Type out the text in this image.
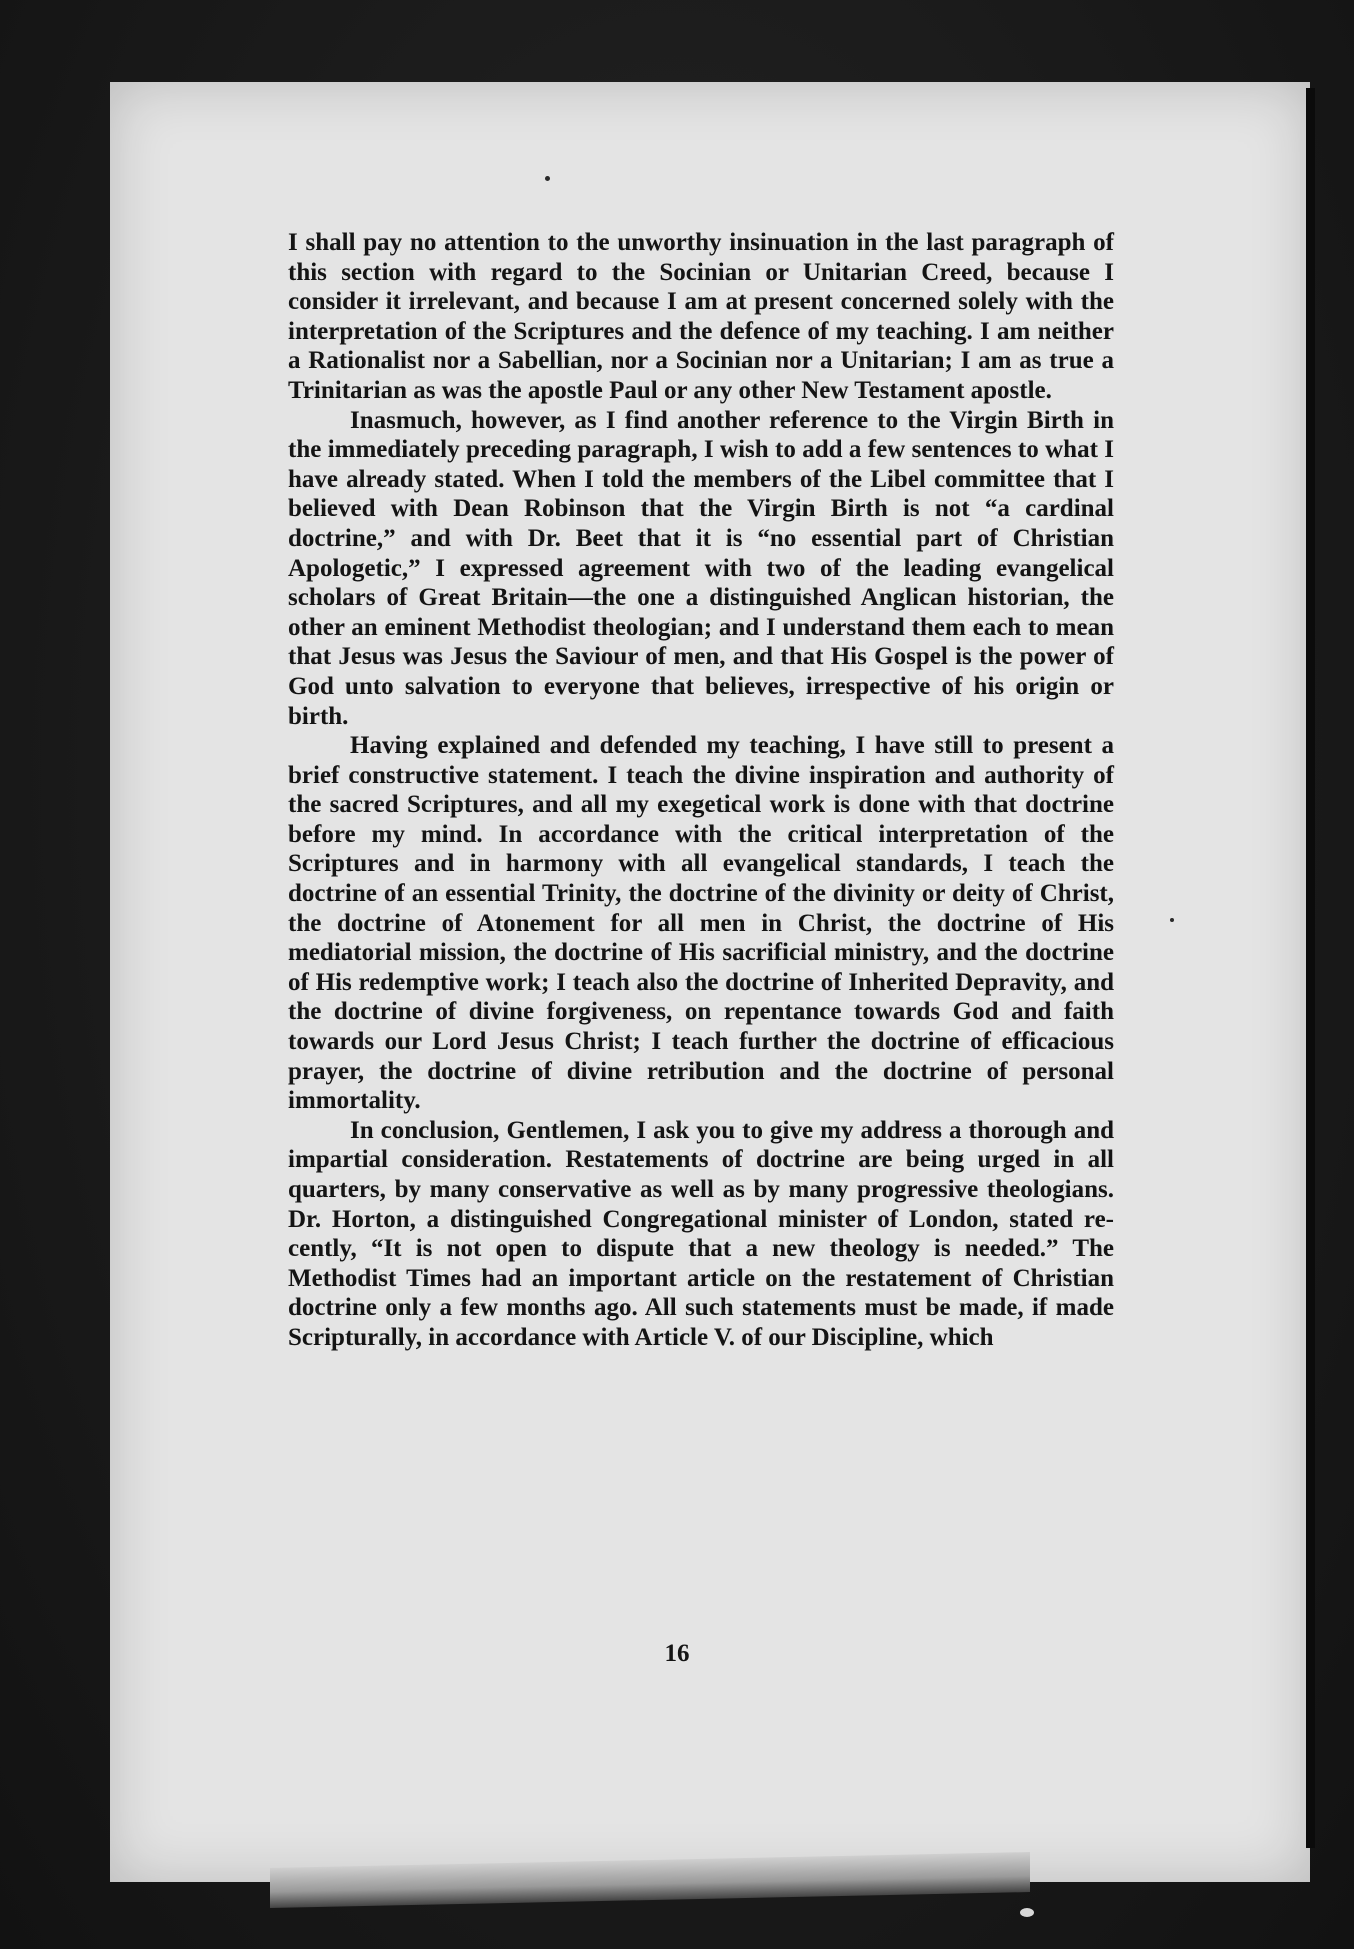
I shall pay no attention to the unworthy insinuation in the last paragraph of this section with regard to the Socinian or Unitarian Creed, because I consider it irrelevant, and because I am at present concerned solely with the interpretation of the Scriptures and the defence of my teaching. I am neither a Rationalist nor a Sabellian, nor a Socinian nor a Unitarian; I am as true a Trinitarian as was the apostle Paul or any other New Testament apostle.

Inasmuch, however, as I find another reference to the Virgin Birth in the immediately preceding paragraph, I wish to add a few sentences to what I have already stated. When I told the members of the Libel committee that I believed with Dean Robinson that the Virgin Birth is not “a cardinal doctrine,” and with Dr. Beet that it is “no essential part of Christian Apologetic,” I expressed agreement with two of the leading evangelical scholars of Great Britain—the one a distinguished Anglican historian, the other an eminent Methodist theologian; and I understand them each to mean that Jesus was Jesus the Saviour of men, and that His Gospel is the power of God unto salvation to everyone that believes, irrespective of his origin or birth.

Having explained and defended my teaching, I have still to present a brief constructive statement. I teach the divine inspiration and authority of the sacred Scriptures, and all my exegetical work is done with that doctrine before my mind. In accordance with the critical interpretation of the Scriptures and in harmony with all evangelical standards, I teach the doctrine of an essential Trinity, the doctrine of the divinity or deity of Christ, the doctrine of Atonement for all men in Christ, the doctrine of His mediatorial mission, the doctrine of His sacrificial ministry, and the doctrine of His redemptive work; I teach also the doctrine of Inherited Depravity, and the doctrine of divine forgiveness, on repentance towards God and faith towards our Lord Jesus Christ; I teach further the doctrine of efficacious prayer, the doctrine of divine retribution and the doctrine of personal immortality.

In conclusion, Gentlemen, I ask you to give my address a thorough and impartial consideration. Restatements of doctrine are being urged in all quarters, by many conservative as well as by many progressive theologians. Dr. Horton, a distinguished Congregational minister of London, stated recently, “It is not open to dispute that a new theology is needed.” The Methodist Times had an important article on the restatement of Christian doctrine only a few months ago. All such statements must be made, if made Scripturally, in accordance with Article V. of our Discipline, which

16
